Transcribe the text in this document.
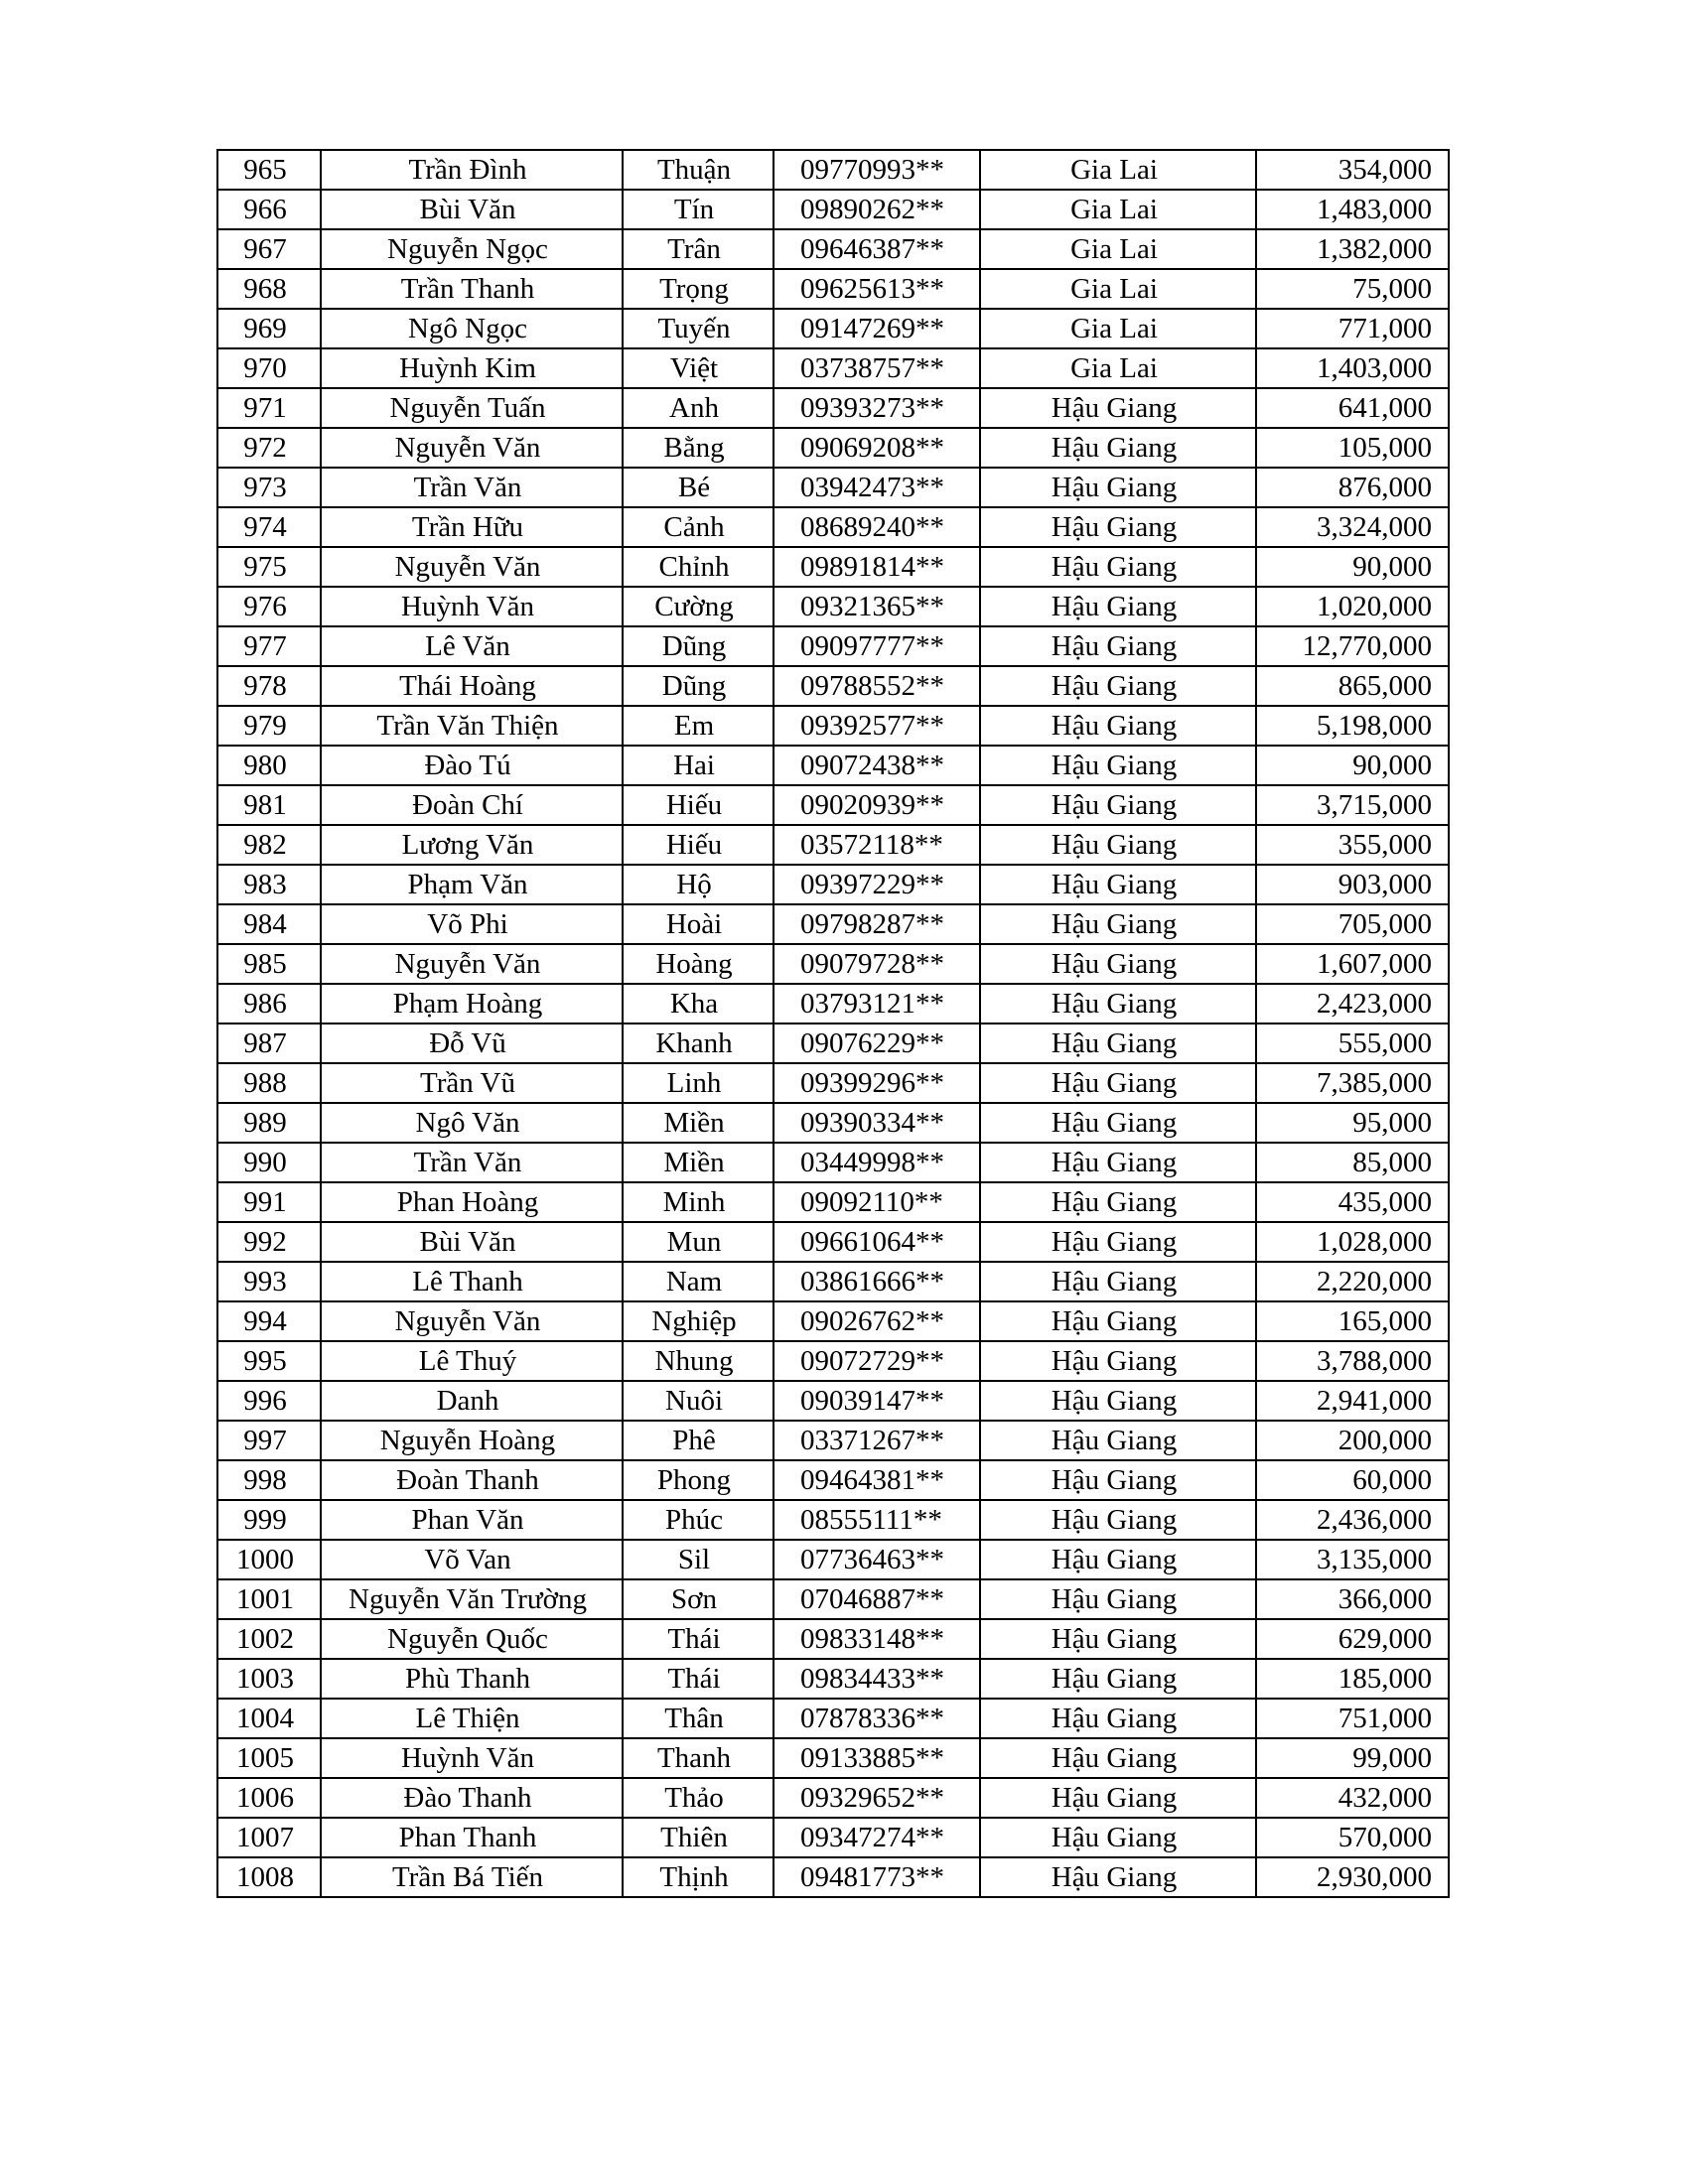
965	Trần Đình	Thuận	09770993**	Gia Lai	354,000
966	Bùi Văn	Tín	09890262**	Gia Lai	1,483,000
967	Nguyễn Ngọc	Trân	09646387**	Gia Lai	1,382,000
968	Trần Thanh	Trọng	09625613**	Gia Lai	75,000
969	Ngô Ngọc	Tuyến	09147269**	Gia Lai	771,000
970	Huỳnh Kim	Việt	03738757**	Gia Lai	1,403,000
971	Nguyễn Tuấn	Anh	09393273**	Hậu Giang	641,000
972	Nguyễn Văn	Bằng	09069208**	Hậu Giang	105,000
973	Trần Văn	Bé	03942473**	Hậu Giang	876,000
974	Trần Hữu	Cảnh	08689240**	Hậu Giang	3,324,000
975	Nguyễn Văn	Chỉnh	09891814**	Hậu Giang	90,000
976	Huỳnh Văn	Cường	09321365**	Hậu Giang	1,020,000
977	Lê Văn	Dũng	09097777**	Hậu Giang	12,770,000
978	Thái Hoàng	Dũng	09788552**	Hậu Giang	865,000
979	Trần Văn Thiện	Em	09392577**	Hậu Giang	5,198,000
980	Đào Tú	Hai	09072438**	Hậu Giang	90,000
981	Đoàn Chí	Hiếu	09020939**	Hậu Giang	3,715,000
982	Lương Văn	Hiếu	03572118**	Hậu Giang	355,000
983	Phạm Văn	Hộ	09397229**	Hậu Giang	903,000
984	Võ Phi	Hoài	09798287**	Hậu Giang	705,000
985	Nguyễn Văn	Hoàng	09079728**	Hậu Giang	1,607,000
986	Phạm Hoàng	Kha	03793121**	Hậu Giang	2,423,000
987	Đỗ Vũ	Khanh	09076229**	Hậu Giang	555,000
988	Trần Vũ	Linh	09399296**	Hậu Giang	7,385,000
989	Ngô Văn	Miền	09390334**	Hậu Giang	95,000
990	Trần Văn	Miền	03449998**	Hậu Giang	85,000
991	Phan Hoàng	Minh	09092110**	Hậu Giang	435,000
992	Bùi Văn	Mun	09661064**	Hậu Giang	1,028,000
993	Lê Thanh	Nam	03861666**	Hậu Giang	2,220,000
994	Nguyễn Văn	Nghiệp	09026762**	Hậu Giang	165,000
995	Lê Thuý	Nhung	09072729**	Hậu Giang	3,788,000
996	Danh	Nuôi	09039147**	Hậu Giang	2,941,000
997	Nguyễn Hoàng	Phê	03371267**	Hậu Giang	200,000
998	Đoàn Thanh	Phong	09464381**	Hậu Giang	60,000
999	Phan Văn	Phúc	08555111**	Hậu Giang	2,436,000
1000	Võ Van	Sil	07736463**	Hậu Giang	3,135,000
1001	Nguyễn Văn Trường	Sơn	07046887**	Hậu Giang	366,000
1002	Nguyễn Quốc	Thái	09833148**	Hậu Giang	629,000
1003	Phù Thanh	Thái	09834433**	Hậu Giang	185,000
1004	Lê Thiện	Thân	07878336**	Hậu Giang	751,000
1005	Huỳnh Văn	Thanh	09133885**	Hậu Giang	99,000
1006	Đào Thanh	Thảo	09329652**	Hậu Giang	432,000
1007	Phan Thanh	Thiên	09347274**	Hậu Giang	570,000
1008	Trần Bá Tiến	Thịnh	09481773**	Hậu Giang	2,930,000
